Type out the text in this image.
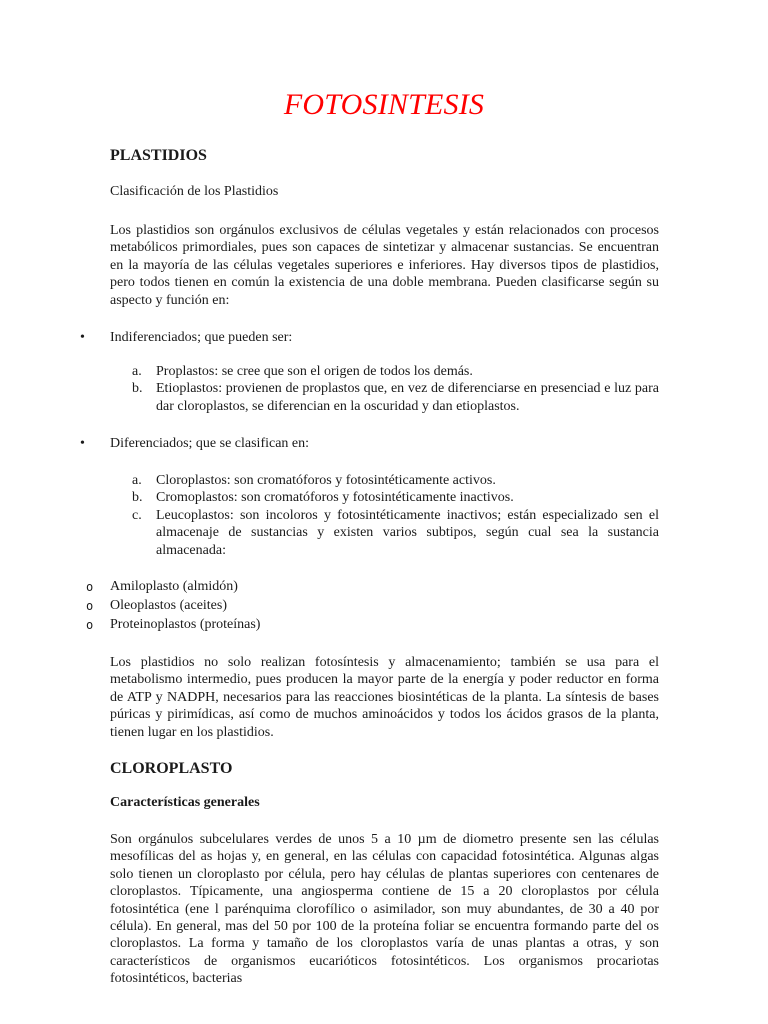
FOTOSINTESIS
PLASTIDIOS

Clasificación de los Plastidios

Los plastidios son orgánulos exclusivos de células vegetales y están relacionados con procesos metabólicos primordiales, pues son capaces de sintetizar y almacenar sustancias. Se encuentran en la mayoría de las células vegetales superiores e inferiores. Hay diversos tipos de plastidios, pero todos tienen en común la existencia de una doble membrana. Pueden clasificarse según su aspecto y función en:

•	Indiferenciados; que pueden ser:
a. Proplastos: se cree que son el origen de todos los demás.
b. Etioplastos: provienen de proplastos que, en vez de diferenciarse en presenciad e luz para dar cloroplastos, se diferencian en la oscuridad y dan etioplastos.
•	Diferenciados; que se clasifican en:
a. Cloroplastos: son cromatóforos y fotosintéticamente activos.
b. Cromoplastos: son cromatóforos y fotosintéticamente inactivos.
c. Leucoplastos: son incoloros y fotosintéticamente inactivos; están especializado sen el almacenaje de sustancias y existen varios subtipos, según cual sea la sustancia almacenada:
o Amiloplasto (almidón)
o Oleoplastos (aceites)
o Proteinoplastos (proteínas)

Los plastidios no solo realizan fotosíntesis y almacenamiento; también se usa para el metabolismo intermedio, pues producen la mayor parte de la energía y poder reductor en forma de ATP y NADPH, necesarios para las reacciones biosintéticas de la planta. La síntesis de bases púricas y pirimídicas, así como de muchos aminoácidos y todos los ácidos grasos de la planta, tienen lugar en los plastidios.

CLOROPLASTO
Características generales

Son orgánulos subcelulares verdes de unos 5 a 10 µm de diometro presente sen las células mesofílicas del as hojas y, en general, en las células con capacidad fotosintética. Algunas algas solo tienen un cloroplasto por célula, pero hay células de plantas superiores con centenares de cloroplastos. Típicamente, una angiosperma contiene de 15 a 20 cloroplastos por célula fotosintética (ene l parénquima clorofílico o asimilador, son muy abundantes, de 30 a 40 por célula). En general, mas del 50 por 100 de la proteína foliar se encuentra formando parte del os cloroplastos. La forma y tamaño de los cloroplastos varía de unas plantas a otras, y son característicos de organismos eucarióticos fotosintéticos. Los organismos procariotas fotosintéticos, bacterias
